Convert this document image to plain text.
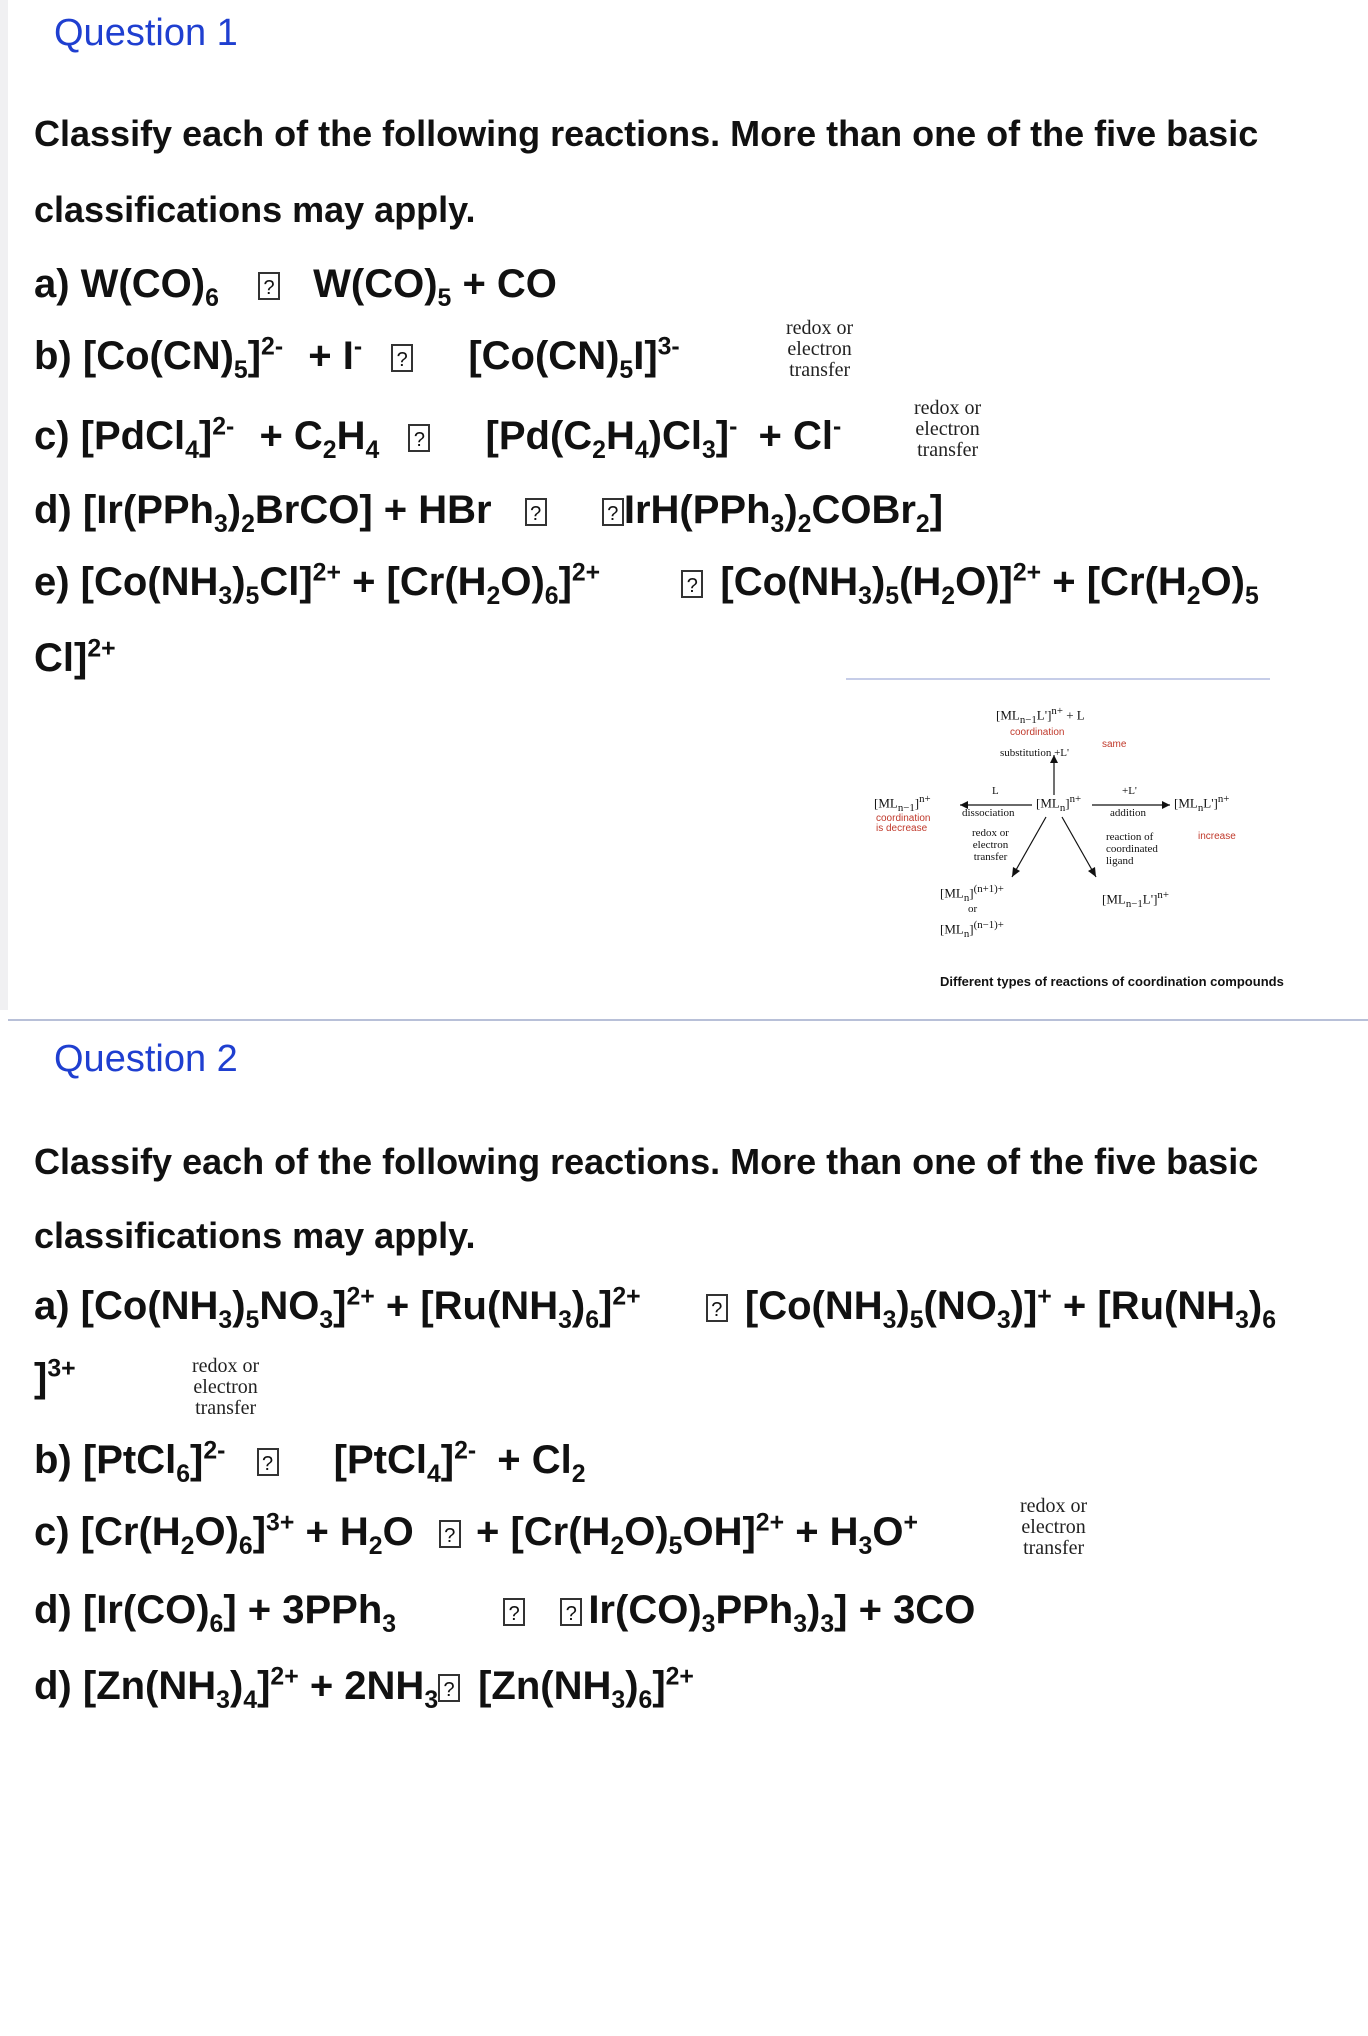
Question 1
Classify each of the following reactions. More than one of the five basic
classifications may apply.
a) $W(CO)_6$ ? $W(CO)_5$ + CO
b) $[Co(CN)_5]^{2-} + I^-$ ? $[Co(CN)_5I]^{3-}$
redox or
electron
transfer
c) [PdCl$_4$]$^{2-}$ + $C_2H_4$ ? $[Pd(C_2H_4)Cl_3]^- + Cl^-$
redox or
electron
transfer
d) $[Ir(PPh_3)_2BrCO]$ + HBr ?	? $IrH(PPh_3)_2COBr_2$]
e) $[Co(NH_3)_5Cl]^{2+} + [Cr(H_2O)_6]^{2+}$	? $[Co(NH_3)_5(H_2O)]^{2+} + [Cr(H_2O)_5$
Cl]$^{2+}$
$[ML_{n-1}L']^{n+} + L$
substitution +L'
$[ML_{n-1}]^{n+}$
L
dissociation
$[ML_n]^{n+}$
+L'
addition
$[ML_nL']^{n+}$
redox or
electron
transfer
reaction of
coordinated
ligand
$[ML_n]^{(n+1)+}$
or
$[ML_n]^{(n-1)+}$
$[ML_{n-1}L']^{n+}$
coordination
same
coordination
is decrease
increase
Different types of reactions of coordination compounds
Question 2
Classify each of the following reactions. More than one of the five basic
classifications may apply.
a) $[Co(NH_3)_5NO_3]^{2+} + [Ru(NH_3)_6]^{2+}$	? $[Co(NH_3)_5(NO_3)]^+ + [Ru(NH_3)_6$
]$^{3+}$	redox or
electron
transfer
b) [PtCl$_6$]$^{2-}$ ? [PtCl$_4$]$^{2-}$ + $Cl_2$
c) $[Cr(H_2O)_6]^{3+} + H_2O$ ? + $[Cr(H_2O)_5OH]^{2+} + H_3O^+$
redox or
electron
transfer
d) $[Ir(CO)_6] + 3PPh_3$	? ? $Ir(CO)_3PPh_3)_3] + 3CO$
d) $[Zn(NH_3)_4]^{2+} + 2NH_3$ ? $[Zn(NH_3)_6]^{2+}$
